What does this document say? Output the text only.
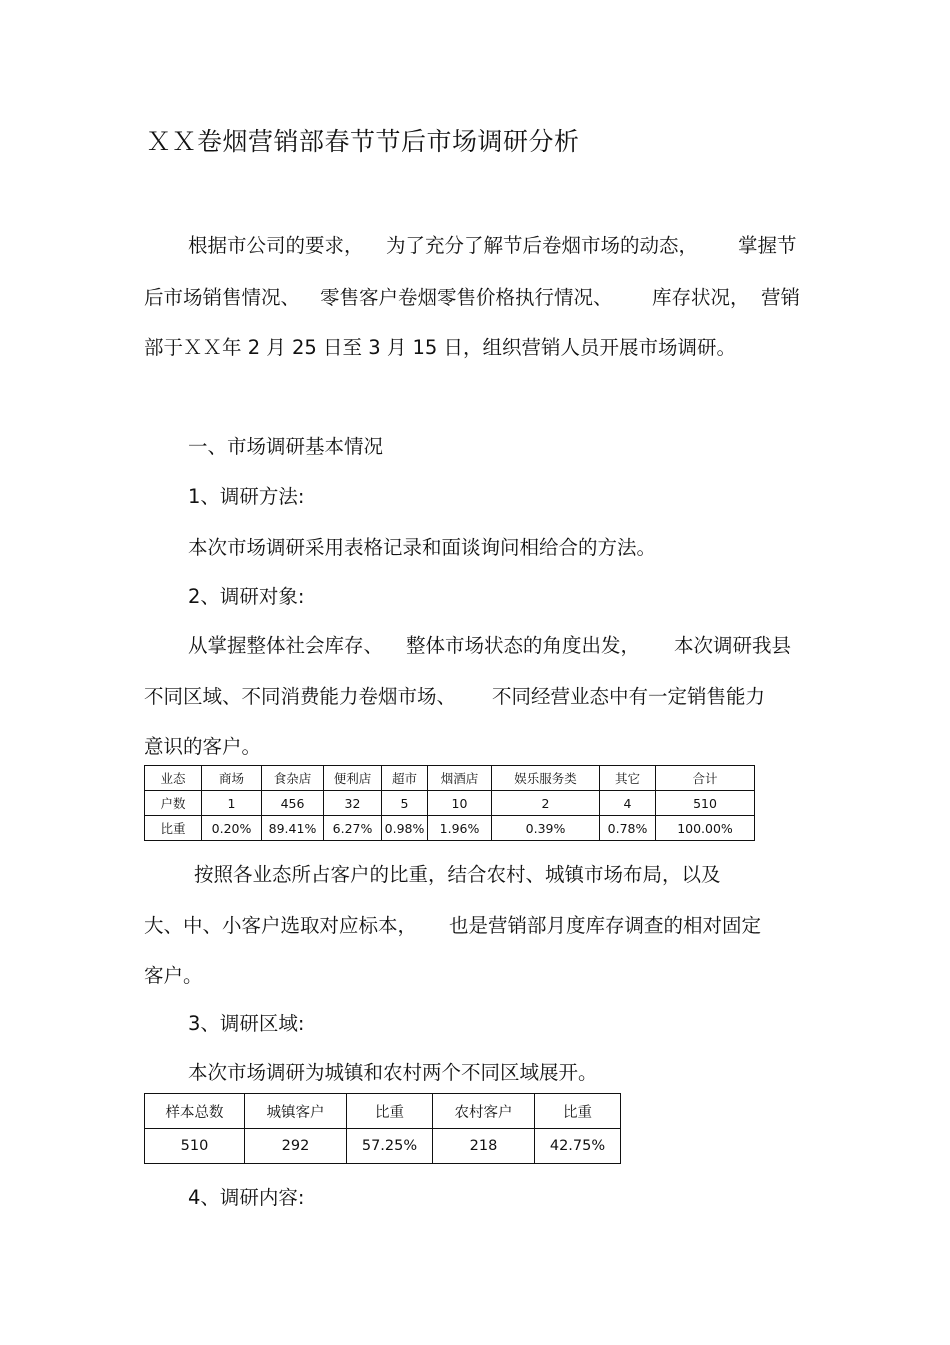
ＸＸ卷烟营销部春节节后市场调研分析
根据市公司的要求， 为了充分了解节后卷烟市场的动态， 掌握节
后市场销售情况、 零售客户卷烟零售价格执行情况、 库存状况， 营销
部于ＸＸ年 2 月 25 日至 3 月 15 日，组织营销人员开展市场调研。
一、市场调研基本情况
1、调研方法:
本次市场调研采用表格记录和面谈询问相给合的方法。
2、调研对象:
从掌握整体社会库存、 整体市场状态的角度出发， 本次调研我县
不同区域、不同消费能力卷烟市场、 不同经营业态中有一定销售能力
意识的客户。
业态	商场	食杂店	便利店	超市	烟酒店	娱乐服务类	其它	合计
户数	1	456	32	5	10	2	4	510
比重	0.20%	89.41%	6.27%	0.98%	1.96%	0.39%	0.78%	100.00%
按照各业态所占客户的比重，结合农村、城镇市场布局，以及
大、中、小客户选取对应标本， 也是营销部月度库存调查的相对固定
客户。
3、调研区域:
本次市场调研为城镇和农村两个不同区域展开。
样本总数	城镇客户	比重	农村客户	比重
510	292	57.25%	218	42.75%
4、调研内容:
